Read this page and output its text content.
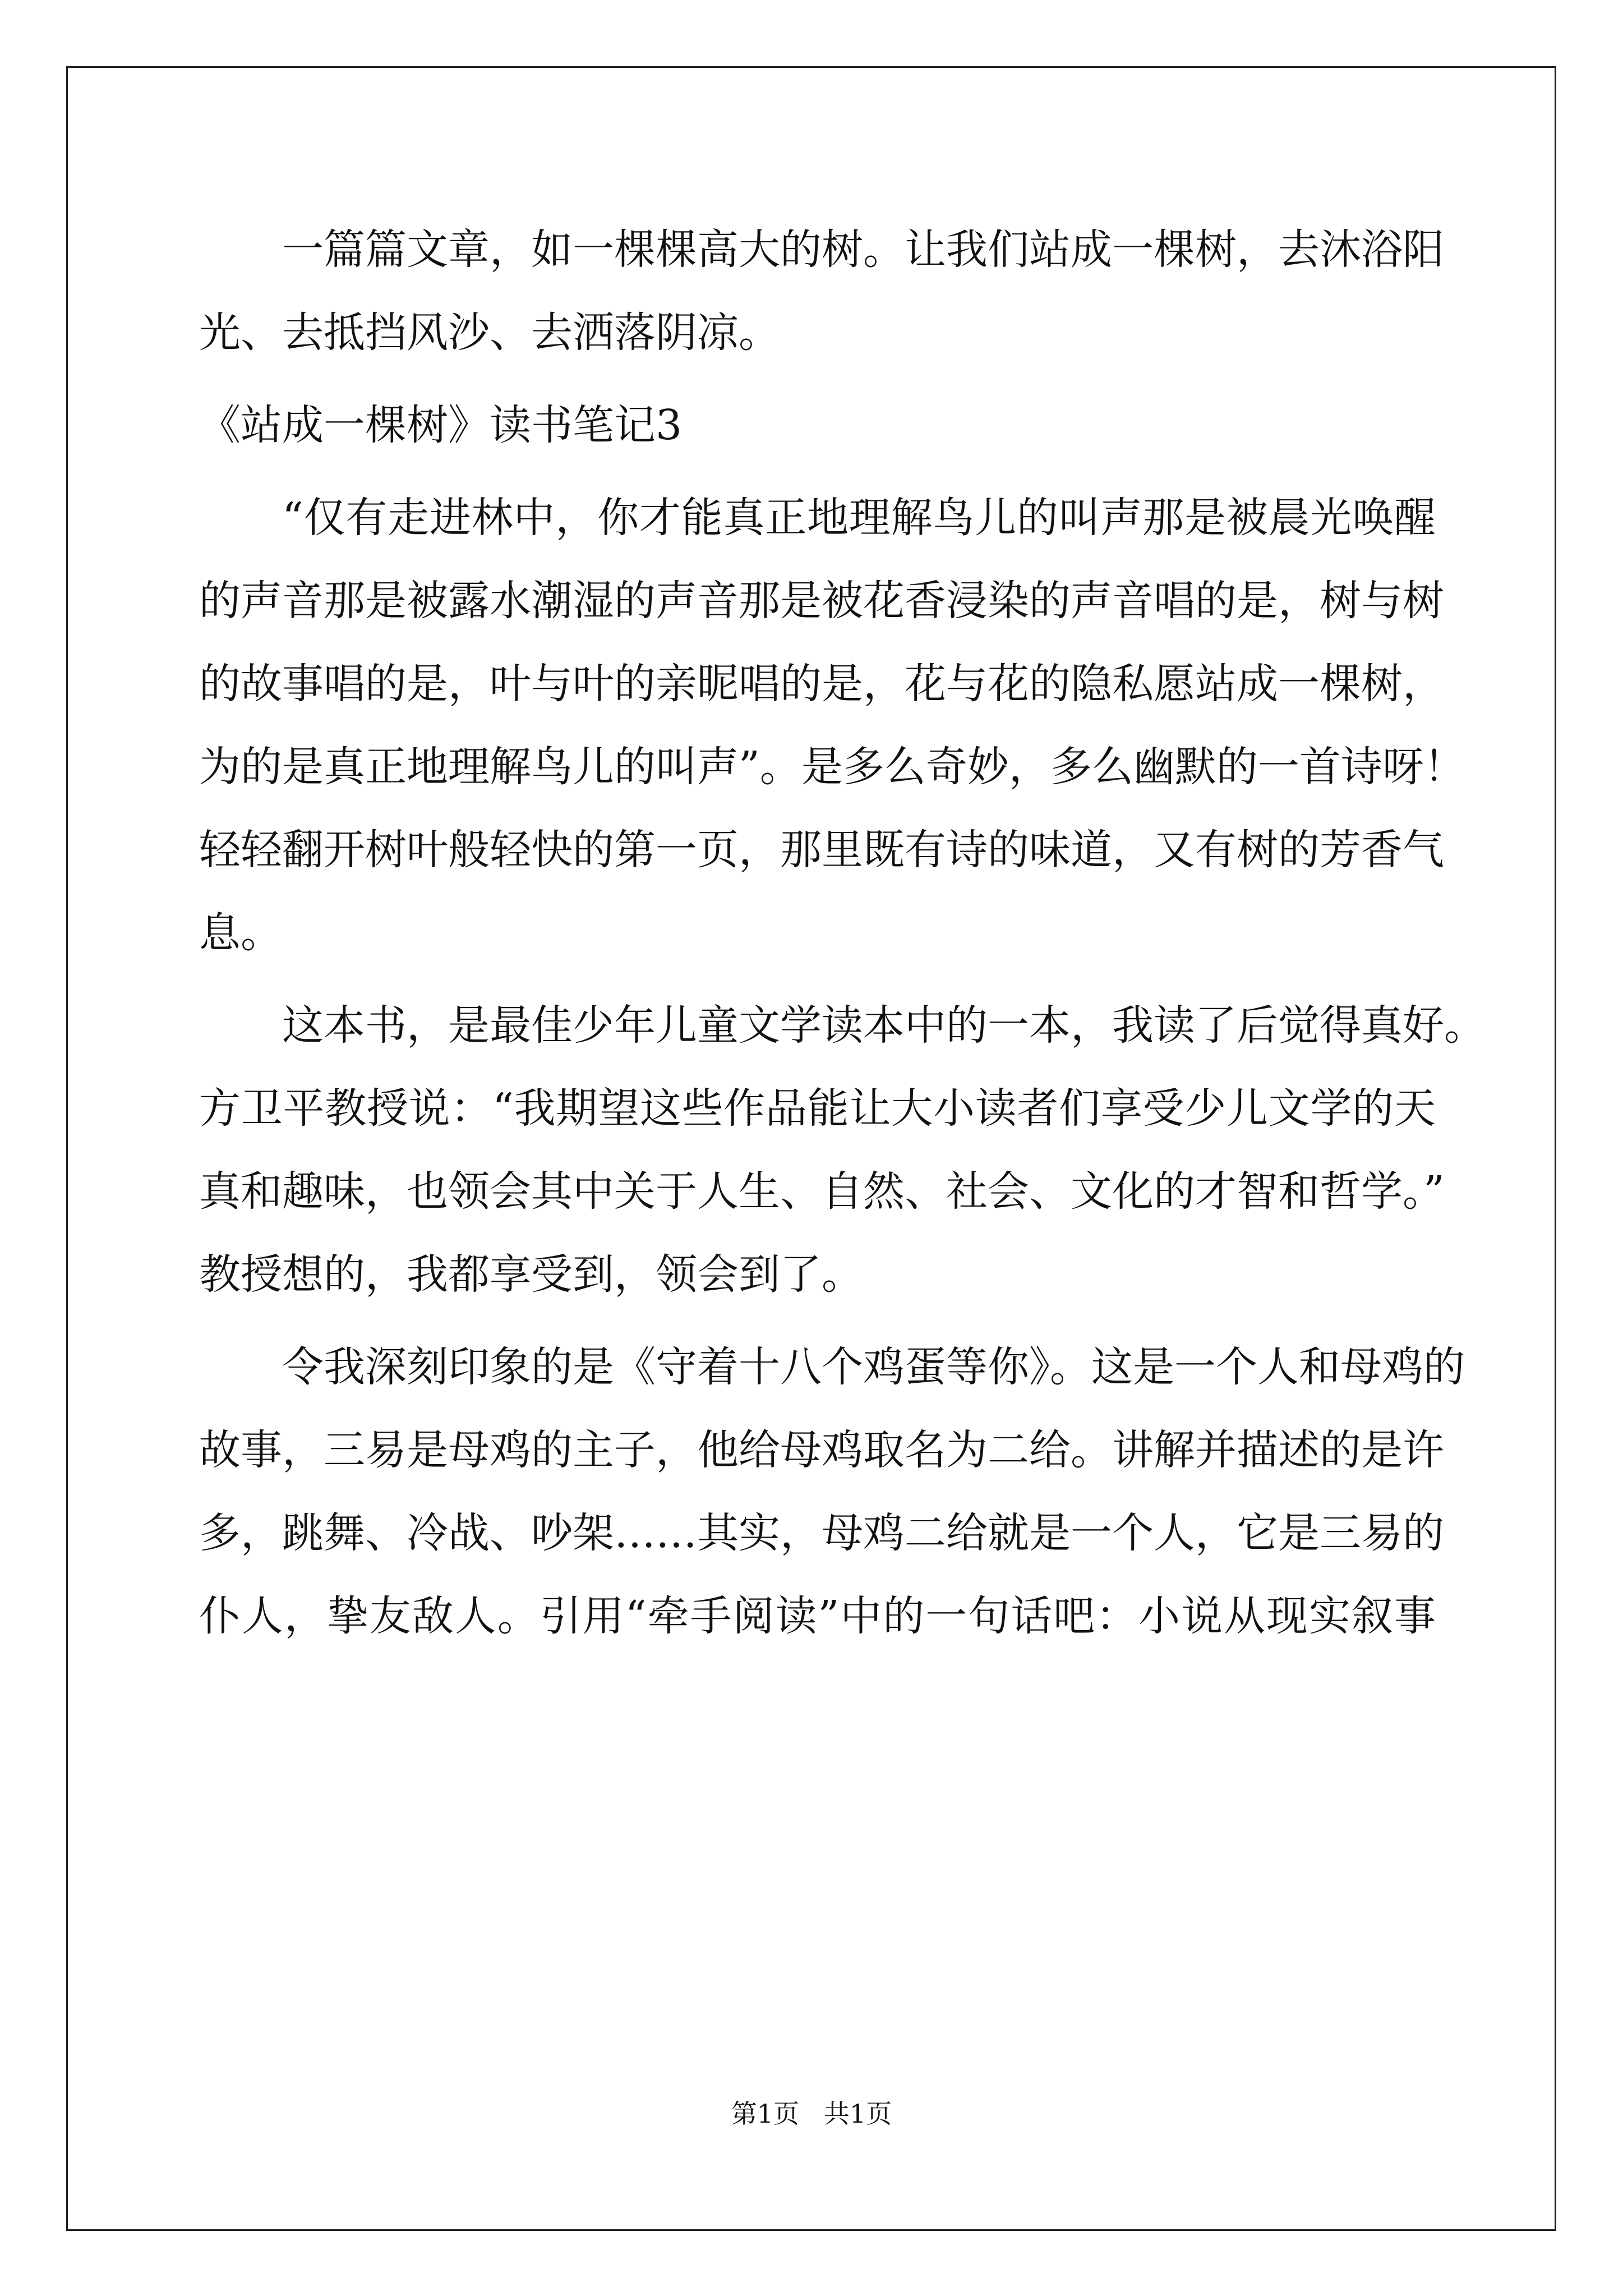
一篇篇文章，如一棵棵高大的树。让我们站成一棵树，去沐浴阳
光、去抵挡风沙、去洒落阴凉。
《站成一棵树》读书笔记3
“仅有走进林中，你才能真正地理解鸟儿的叫声那是被晨光唤醒
的声音那是被露水潮湿的声音那是被花香浸染的声音唱的是，树与树
的故事唱的是，叶与叶的亲昵唱的是，花与花的隐私愿站成一棵树，
为的是真正地理解鸟儿的叫声”。是多么奇妙，多么幽默的一首诗呀！
轻轻翻开树叶般轻快的第一页，那里既有诗的味道，又有树的芳香气
息。
这本书，是最佳少年儿童文学读本中的一本，我读了后觉得真好。
方卫平教授说：“我期望这些作品能让大小读者们享受少儿文学的天
真和趣味，也领会其中关于人生、自然、社会、文化的才智和哲学。”
教授想的，我都享受到，领会到了。
令我深刻印象的是《守着十八个鸡蛋等你》。这是一个人和母鸡的
故事，三易是母鸡的主子，他给母鸡取名为二给。讲解并描述的是许
多，跳舞、冷战、吵架……其实，母鸡二给就是一个人，它是三易的
仆人，挚友敌人。引用“牵手阅读”中的一句话吧：小说从现实叙事
第1页   共1页
